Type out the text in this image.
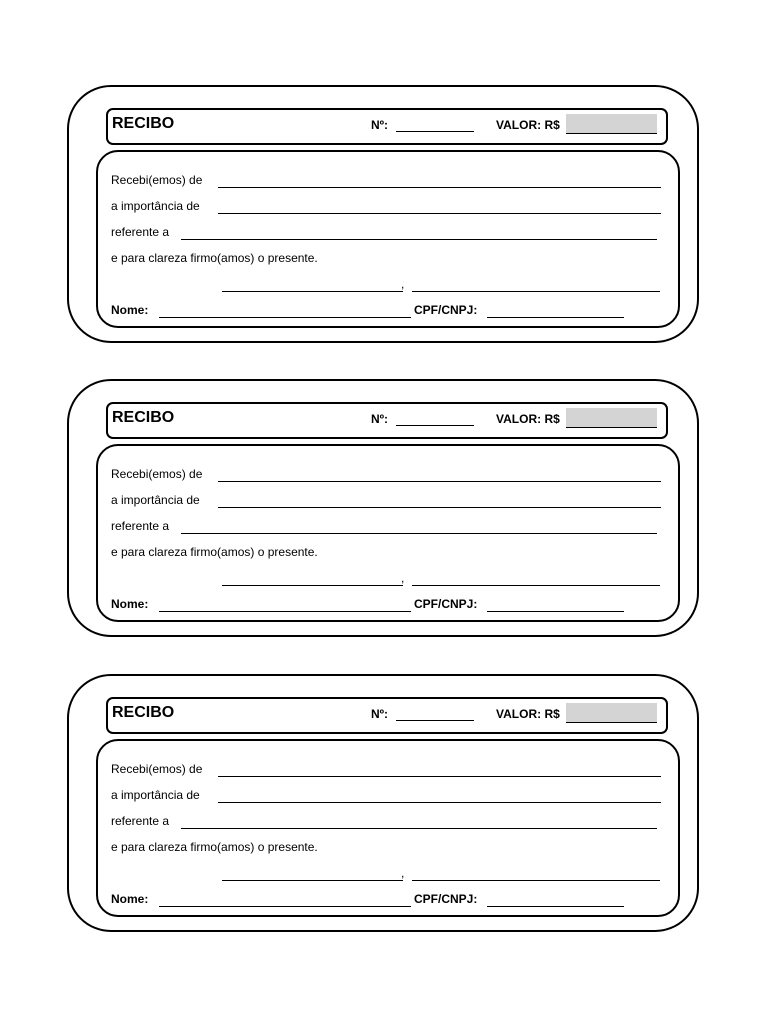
RECIBO	Nº:	VALOR: R$
Recebi(emos) de
a importância de
referente a
e para clareza firmo(amos) o presente.
,
Nome:	CPF/CNPJ:
RECIBO	Nº:	VALOR: R$
Recebi(emos) de
a importância de
referente a
e para clareza firmo(amos) o presente.
,
Nome:	CPF/CNPJ:
RECIBO	Nº:	VALOR: R$
Recebi(emos) de
a importância de
referente a
e para clareza firmo(amos) o presente.
,
Nome:	CPF/CNPJ:
